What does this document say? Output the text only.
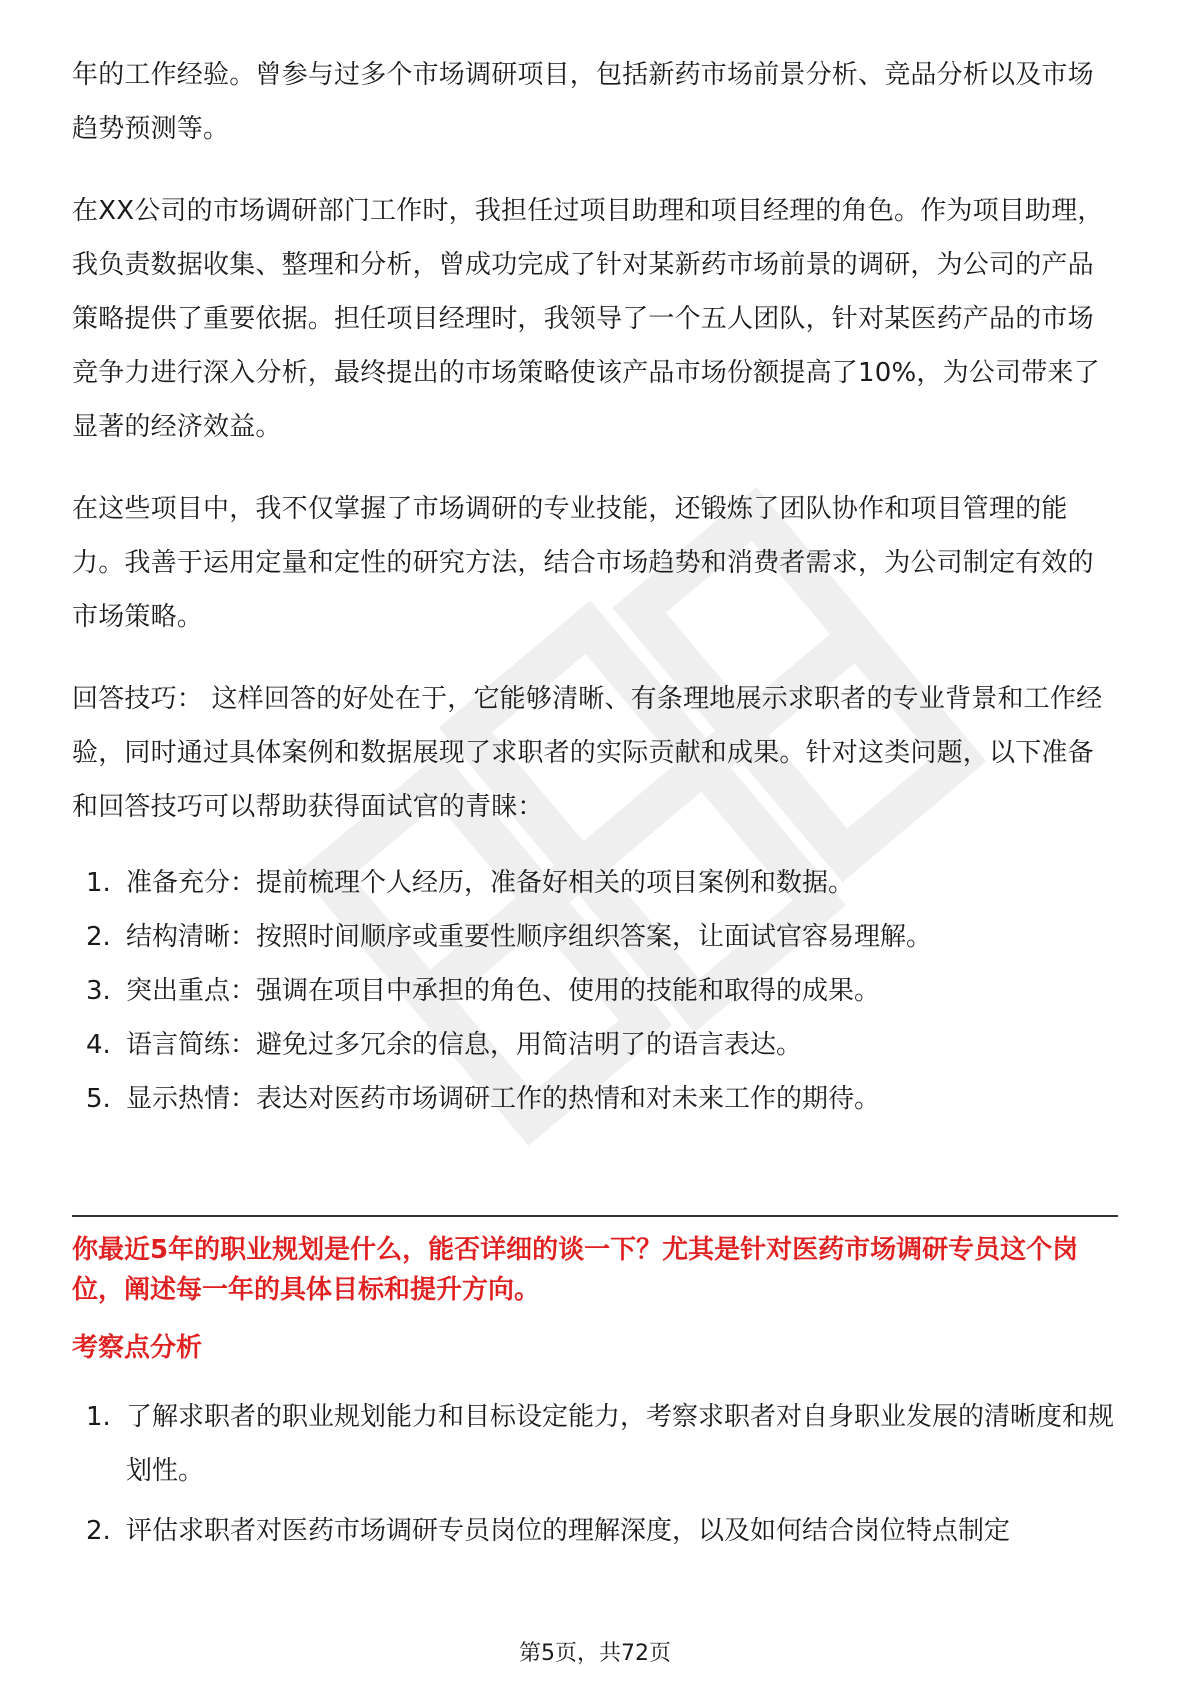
年的工作经验。曾参与过多个市场调研项目，包括新药市场前景分析、竞品分析以及市场趋势预测等。

在XX公司的市场调研部门工作时，我担任过项目助理和项目经理的角色。作为项目助理，我负责数据收集、整理和分析，曾成功完成了针对某新药市场前景的调研，为公司的产品策略提供了重要依据。担任项目经理时，我领导了一个五人团队，针对某医药产品的市场竞争力进行深入分析，最终提出的市场策略使该产品市场份额提高了10%，为公司带来了显著的经济效益。

在这些项目中，我不仅掌握了市场调研的专业技能，还锻炼了团队协作和项目管理的能力。我善于运用定量和定性的研究方法，结合市场趋势和消费者需求，为公司制定有效的市场策略。

回答技巧： 这样回答的好处在于，它能够清晰、有条理地展示求职者的专业背景和工作经验，同时通过具体案例和数据展现了求职者的实际贡献和成果。针对这类问题，以下准备和回答技巧可以帮助获得面试官的青睐：

1. 准备充分：提前梳理个人经历，准备好相关的项目案例和数据。
2. 结构清晰：按照时间顺序或重要性顺序组织答案，让面试官容易理解。
3. 突出重点：强调在项目中承担的角色、使用的技能和取得的成果。
4. 语言简练：避免过多冗余的信息，用简洁明了的语言表达。
5. 显示热情：表达对医药市场调研工作的热情和对未来工作的期待。

你最近5年的职业规划是什么，能否详细的谈一下？尤其是针对医药市场调研专员这个岗位，阐述每一年的具体目标和提升方向。

考察点分析

1. 了解求职者的职业规划能力和目标设定能力，考察求职者对自身职业发展的清晰度和规划性。
2. 评估求职者对医药市场调研专员岗位的理解深度，以及如何结合岗位特点制定
第5页，共72页
